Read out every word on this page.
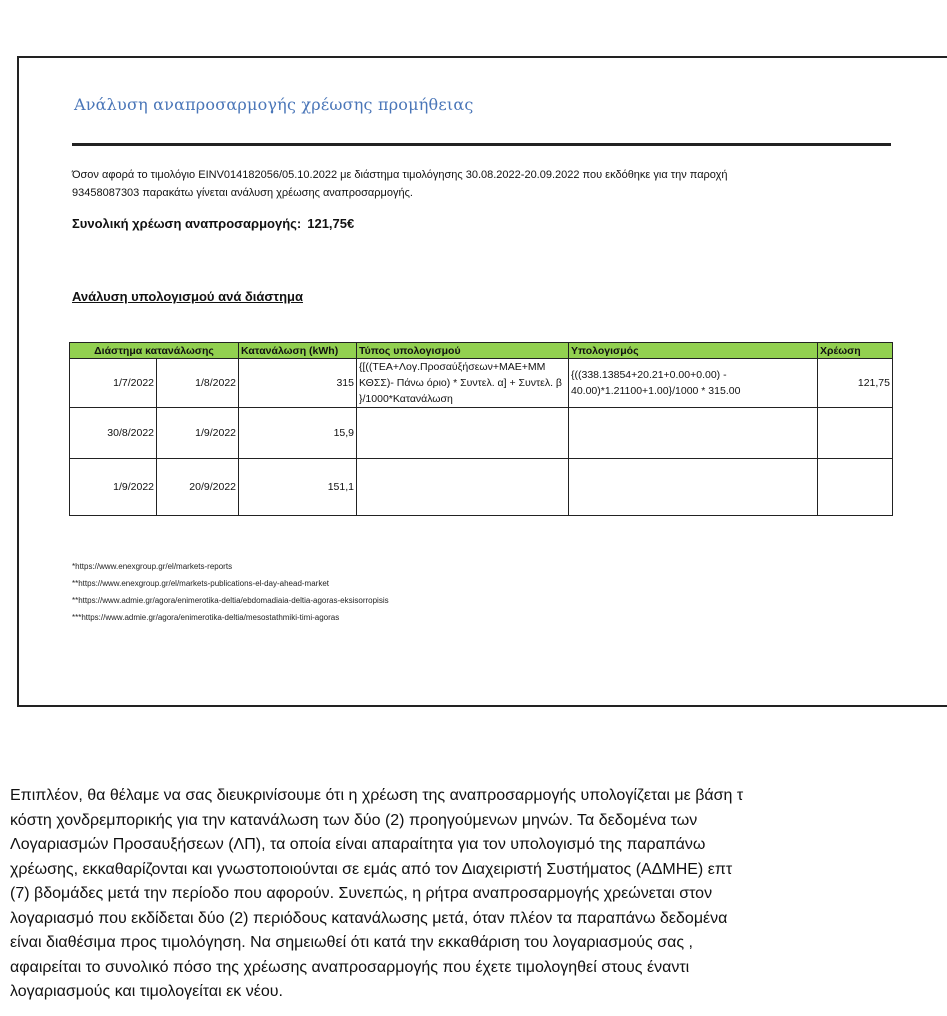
Ανάλυση αναπροσαρμογής χρέωσης προμήθειας
Όσον αφορά το τιμολόγιο EINV014182056/05.10.2022 με διάστημα τιμολόγησης 30.08.2022-20.09.2022 που εκδόθηκε για την παροχή
93458087303 παρακάτω γίνεται ανάλυση χρέωσης αναπροσαρμογής.
Συνολική χρέωση αναπροσαρμογής: 121,75€
Ανάλυση υπολογισμού ανά διάστημα
Διάστημα κατανάλωσης		Κατανάλωση (kWh)	Τύπος υπολογισμού	Υπολογισμός	Χρέωση
1/7/2022	1/8/2022	315	{[((ΤΕΑ+Λογ.Προσαύξήσεων+ΜΑΕ+ΜΜ ΚΘΣΣ)- Πάνω όριο) * Συντελ. α] + Συντελ. β }/1000*Κατανάλωση	{((338.13854+20.21+0.00+0.00) - 40.00)*1.21100+1.00}/1000 * 315.00	121,75
30/8/2022	1/9/2022	15,9			
1/9/2022	20/9/2022	151,1			
*https://www.enexgroup.gr/el/markets-reports
**https://www.enexgroup.gr/el/markets-publications-el-day-ahead-market
**https://www.admie.gr/agora/enimerotika-deltia/ebdomadiaia-deltia-agoras-eksisorropisis
***https://www.admie.gr/agora/enimerotika-deltia/mesostathmiki-timi-agoras
Επιπλέον, θα θέλαμε να σας διευκρινίσουμε ότι η χρέωση της αναπροσαρμογής υπολογίζεται με βάση τ
κόστη χονδρεμπορικής για την κατανάλωση των δύο (2) προηγούμενων μηνών. Τα δεδομένα των
Λογαριασμών Προσαυξήσεων (ΛΠ), τα οποία είναι απαραίτητα για τον υπολογισμό της παραπάνω
χρέωσης, εκκαθαρίζονται και γνωστοποιούνται σε εμάς από τον Διαχειριστή Συστήματος (ΑΔΜΗΕ) επτ
(7) βδομάδες μετά την περίοδο που αφορούν. Συνεπώς, η ρήτρα αναπροσαρμογής χρεώνεται στον
λογαριασμό που εκδίδεται δύο (2) περιόδους κατανάλωσης μετά, όταν πλέον τα παραπάνω δεδομένα
είναι διαθέσιμα προς τιμολόγηση. Να σημειωθεί ότι κατά την εκκαθάριση του λογαριασμούς σας ,
αφαιρείται το συνολικό πόσο της χρέωσης αναπροσαρμογής που έχετε τιμολογηθεί στους έναντι
λογαριασμούς και τιμολογείται εκ νέου.
